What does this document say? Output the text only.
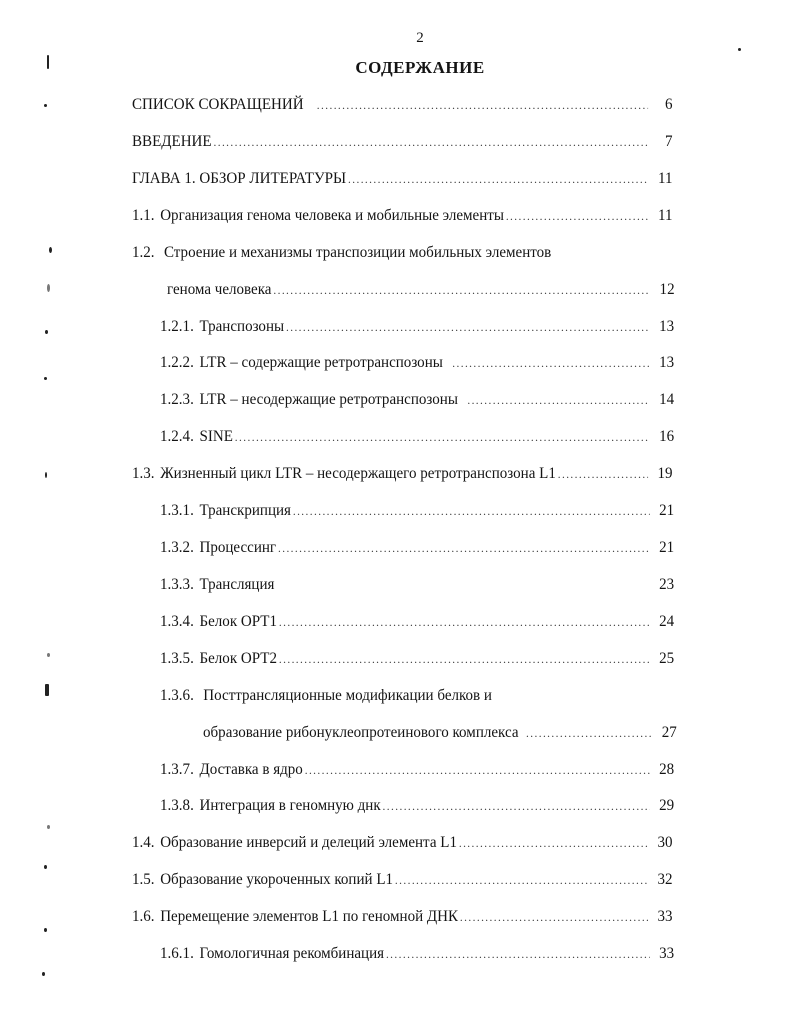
2
СОДЕРЖАНИЕ
СПИСОК СОКРАЩЕНИЙ .....	6
ВВЕДЕНИЕ .....	7
ГЛАВА 1. ОБЗОР ЛИТЕРАТУРЫ .....	11
1.1. Организация генома человека и мобильные элементы .....	11
1.2. Строение и механизмы транспозиции мобильных элементов
генома человека .....	12
1.2.1. Транспозоны .....	13
1.2.2. LTR – содержащие ретротранспозоны .....	13
1.2.3. LTR – несодержащие ретротранспозоны .....	14
1.2.4. SINE .....	16
1.3. Жизненный цикл LTR – несодержащего ретротранспозона L1 .....	19
1.3.1. Транскрипция .....	21
1.3.2. Процессинг .....	21
1.3.3. Трансляция	23
1.3.4. Белок ОРТ1 .....	24
1.3.5. Белок ОРТ2 .....	25
1.3.6. Посттрансляционные модификации белков и
образование рибонуклеопротеинового комплекса .....	27
1.3.7. Доставка в ядро .....	28
1.3.8. Интеграция в геномную днк .....	29
1.4. Образование инверсий и делеций элемента L1 .....	30
1.5. Образование укороченных копий L1 .....	32
1.6. Перемещение элементов L1 по геномной ДНК .....	33
1.6.1. Гомологичная рекомбинация .....	33
